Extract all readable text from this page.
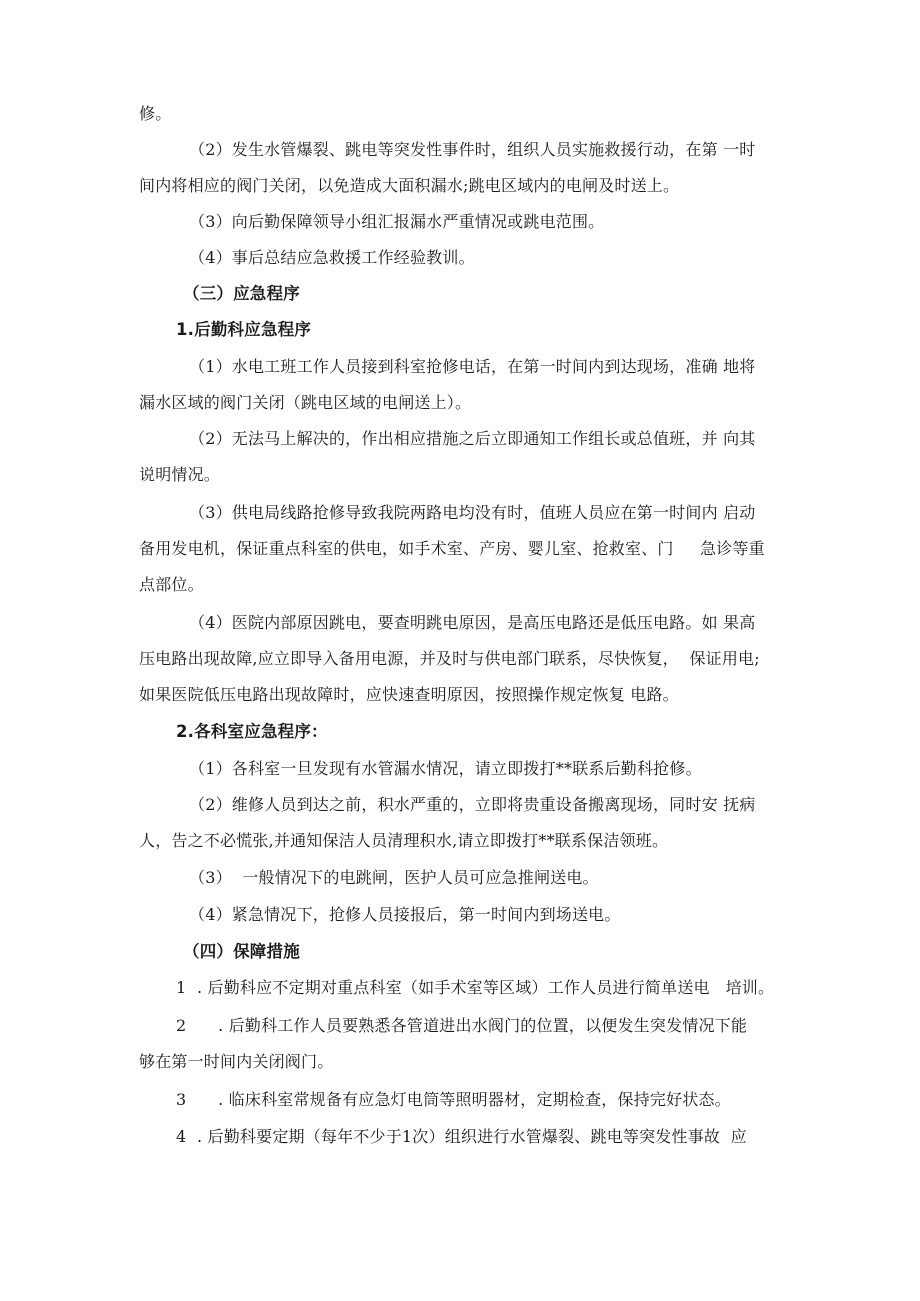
修。
（2）发生水管爆裂、跳电等突发性事件时，组织人员实施救援行动，在第 一时
间内将相应的阀门关闭，以免造成大面积漏水;跳电区域内的电闸及时送上。
（3）向后勤保障领导小组汇报漏水严重情况或跳电范围。
（4）事后总结应急救援工作经验教训。
（三）应急程序
1.后勤科应急程序
（1）水电工班工作人员接到科室抢修电话，在第一时间内到达现场，准确 地将
漏水区域的阀门关闭（跳电区域的电闸送上）。
（2）无法马上解决的，作出相应措施之后立即通知工作组长或总值班，并 向其
说明情况。
（3）供电局线路抢修导致我院两路电均没有时，值班人员应在第一时间内 启动
备用发电机，保证重点科室的供电，如手术室、产房、婴儿室、抢救室、门     急诊等重
点部位。
（4）医院内部原因跳电，要查明跳电原因，是高压电路还是低压电路。如 果高
压电路出现故障,应立即导入备用电源，并及时与供电部门联系，尽快恢复，  保证用电;
如果医院低压电路出现故障时，应快速查明原因，按照操作规定恢复 电路。
2.各科室应急程序：
（1）各科室一旦发现有水管漏水情况，请立即拨打**联系后勤科抢修。
（2）维修人员到达之前，积水严重的，立即将贵重设备搬离现场，同时安 抚病
人，告之不必慌张,并通知保洁人员清理积水,请立即拨打**联系保洁领班。
（3）  一般情况下的电跳闸，医护人员可应急推闸送电。
（4）紧急情况下，抢修人员接报后，第一时间内到场送电。
（四）保障措施
1  . 后勤科应不定期对重点科室（如手术室等区域）工作人员进行简单送电   培训。
2      . 后勤科工作人员要熟悉各管道进出水阀门的位置，以便发生突发情况下能
够在第一时间内关闭阀门。
3      . 临床科室常规备有应急灯电筒等照明器材，定期检查，保持完好状态。
4  . 后勤科要定期（每年不少于1次）组织进行水管爆裂、跳电等突发性事故  应
